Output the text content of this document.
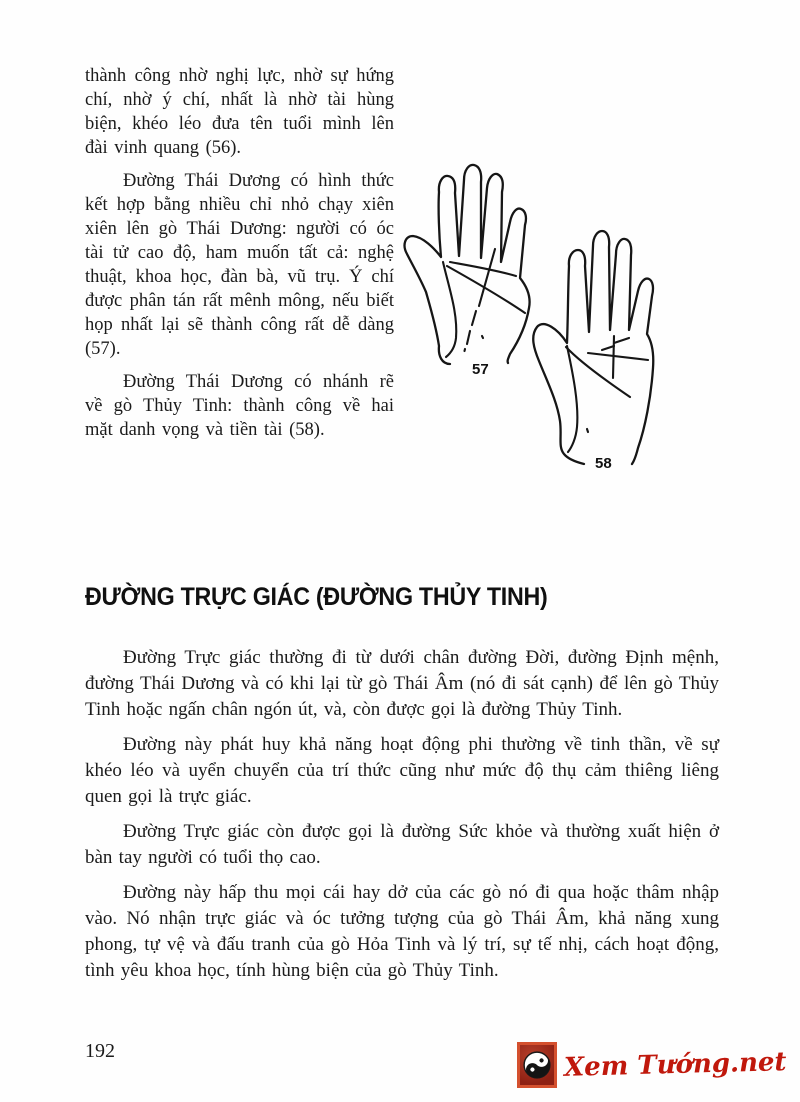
thành công nhờ nghị lực, nhờ sự hứng chí, nhờ ý chí, nhất là nhờ tài hùng biện, khéo léo đưa tên tuổi mình lên đài vinh quang (56).

Đường Thái Dương có hình thức kết hợp bằng nhiều chỉ nhỏ chạy xiên xiên lên gò Thái Dương: người có óc tài tử cao độ, ham muốn tất cả: nghệ thuật, khoa học, đàn bà, vũ trụ. Ý chí được phân tán rất mênh mông, nếu biết họp nhất lại sẽ thành công rất dễ dàng (57).

Đường Thái Dương có nhánh rẽ về gò Thủy Tinh: thành công về hai mặt danh vọng và tiền tài (58).

57
58
ĐƯỜNG TRỰC GIÁC (ĐƯỜNG THỦY TINH)

Đường Trực giác thường đi từ dưới chân đường Đời, đường Định mệnh, đường Thái Dương và có khi lại từ gò Thái Âm (nó đi sát cạnh) để lên gò Thủy Tinh hoặc ngấn chân ngón út, và, còn được gọi là đường Thủy Tinh.

Đường này phát huy khả năng hoạt động phi thường về tinh thần, về sự khéo léo và uyển chuyển của trí thức cũng như mức độ thụ cảm thiêng liêng quen gọi là trực giác.

Đường Trực giác còn được gọi là đường Sức khỏe và thường xuất hiện ở bàn tay người có tuổi thọ cao.

Đường này hấp thu mọi cái hay dở của các gò nó đi qua hoặc thâm nhập vào. Nó nhận trực giác và óc tưởng tượng của gò Thái Âm, khả năng xung phong, tự vệ và đấu tranh của gò Hỏa Tinh và lý trí, sự tế nhị, cách hoạt động, tình yêu khoa học, tính hùng biện của gò Thủy Tinh.

192	Xem Tướng.net
